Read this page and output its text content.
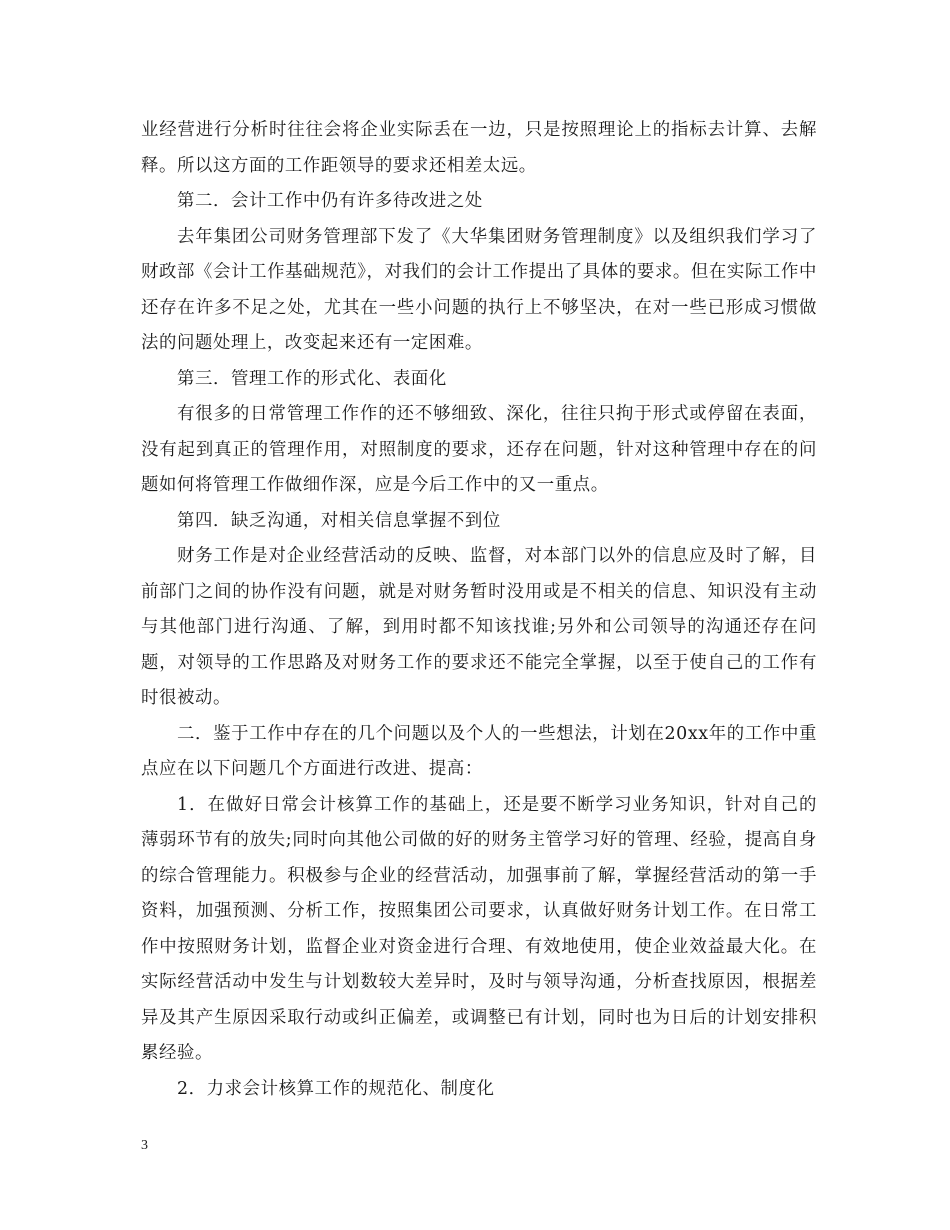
业经营进行分析时往往会将企业实际丢在一边，只是按照理论上的指标去计算、去解释。所以这方面的工作距领导的要求还相差太远。

第二．会计工作中仍有许多待改进之处

去年集团公司财务管理部下发了《大华集团财务管理制度》以及组织我们学习了财政部《会计工作基础规范》，对我们的会计工作提出了具体的要求。但在实际工作中还存在许多不足之处，尤其在一些小问题的执行上不够坚决，在对一些已形成习惯做法的问题处理上，改变起来还有一定困难。

第三．管理工作的形式化、表面化

有很多的日常管理工作作的还不够细致、深化，往往只拘于形式或停留在表面，没有起到真正的管理作用，对照制度的要求，还存在问题，针对这种管理中存在的问题如何将管理工作做细作深，应是今后工作中的又一重点。

第四．缺乏沟通，对相关信息掌握不到位

财务工作是对企业经营活动的反映、监督，对本部门以外的信息应及时了解，目前部门之间的协作没有问题，就是对财务暂时没用或是不相关的信息、知识没有主动与其他部门进行沟通、了解，到用时都不知该找谁;另外和公司领导的沟通还存在问题，对领导的工作思路及对财务工作的要求还不能完全掌握，以至于使自己的工作有时很被动。

二．鉴于工作中存在的几个问题以及个人的一些想法，计划在20xx年的工作中重点应在以下问题几个方面进行改进、提高：

1．在做好日常会计核算工作的基础上，还是要不断学习业务知识，针对自己的薄弱环节有的放失;同时向其他公司做的好的财务主管学习好的管理、经验，提高自身的综合管理能力。积极参与企业的经营活动，加强事前了解，掌握经营活动的第一手资料，加强预测、分析工作，按照集团公司要求，认真做好财务计划工作。在日常工作中按照财务计划，监督企业对资金进行合理、有效地使用，使企业效益最大化。在实际经营活动中发生与计划数较大差异时，及时与领导沟通，分析查找原因，根据差异及其产生原因采取行动或纠正偏差，或调整已有计划，同时也为日后的计划安排积累经验。

2．力求会计核算工作的规范化、制度化

3
